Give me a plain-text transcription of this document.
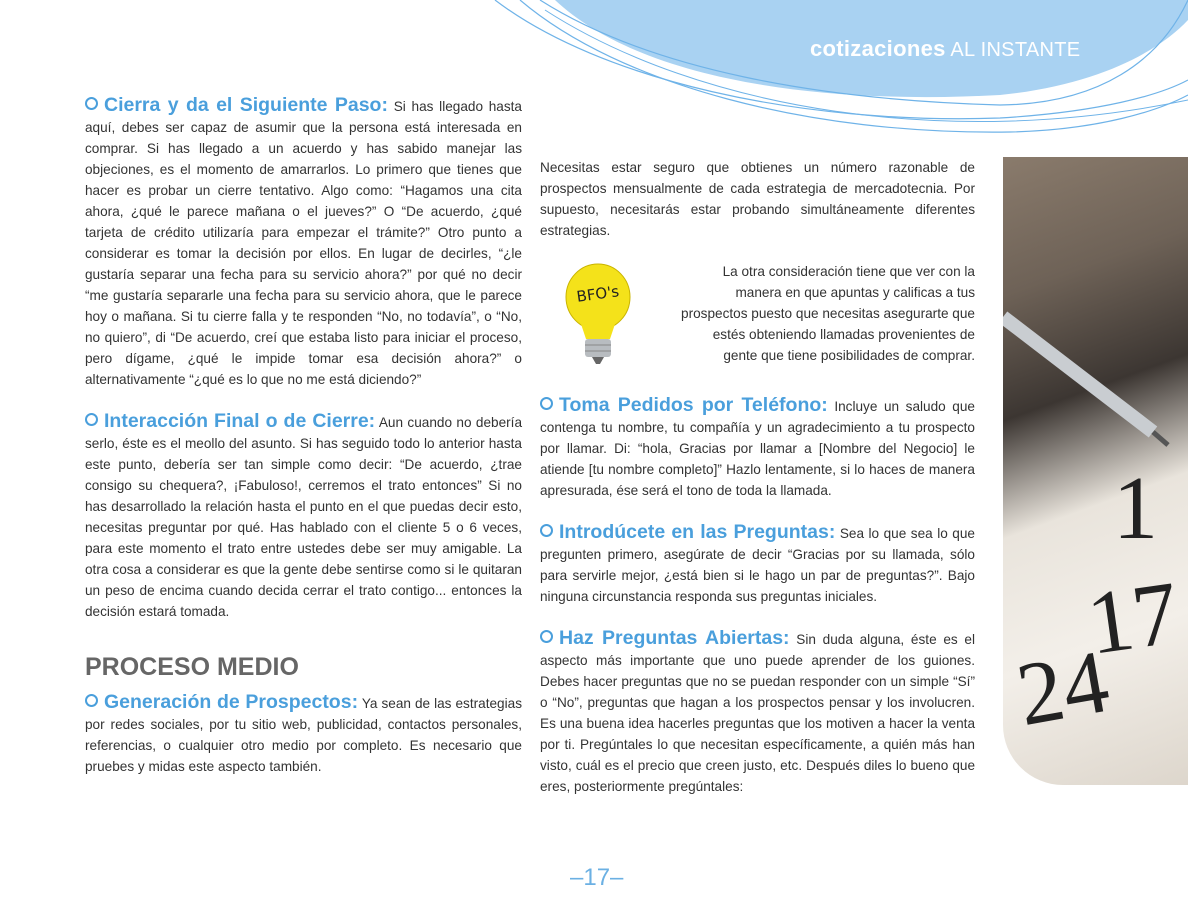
cotizaciones AL INSTANTE

Cierra y da el Siguiente Paso: Si has llegado hasta aquí, debes ser capaz de asumir que la persona está interesada en comprar. Si has llegado a un acuerdo y has sabido manejar las objeciones, es el momento de amarrarlos. Lo primero que tienes que hacer es probar un cierre tentativo. Algo como: “Hagamos una cita ahora, ¿qué le parece mañana o el jueves?” O “De acuerdo, ¿qué tarjeta de crédito utilizaría para empezar el trámite?” Otro punto a considerar es tomar la decisión por ellos. En lugar de decirles, “¿le gustaría separar una fecha para su servicio ahora?” por qué no decir “me gustaría separarle una fecha para su servicio ahora, que le parece hoy o mañana. Si tu cierre falla y te responden “No, no todavía”, o “No, no quiero”, di “De acuerdo, creí que estaba listo para iniciar el proceso, pero dígame, ¿qué le impide tomar esa decisión ahora?” o alternativamente “¿qué es lo que no me está diciendo?”

Interacción Final o de Cierre: Aun cuando no debería serlo, éste es el meollo del asunto. Si has seguido todo lo anterior hasta este punto, debería ser tan simple como decir: “De acuerdo, ¿trae consigo su chequera?, ¡Fabuloso!, cerremos el trato entonces” Si no has desarrollado la relación hasta el punto en el que puedas decir esto, necesitas preguntar por qué. Has hablado con el cliente 5 o 6 veces, para este momento el trato entre ustedes debe ser muy amigable. La otra cosa a considerar es que la gente debe sentirse como si le quitaran un peso de encima cuando decida cerrar el trato contigo... entonces la decisión estará tomada.

PROCESO MEDIO

Generación de Prospectos: Ya sean de las estrategias por redes sociales, por tu sitio web, publicidad, contactos personales, referencias, o cualquier otro medio por completo. Es necesario que pruebes y midas este aspecto también.

Necesitas estar seguro que obtienes un número razonable de prospectos mensualmente de cada estrategia de mercadotecnia. Por supuesto, necesitarás estar probando simultáneamente diferentes estrategias.

BFO's
La otra consideración tiene que ver con la manera en que apuntas y calificas a tus prospectos puesto que necesitas asegurarte que estés obteniendo llamadas provenientes de gente que tiene posibilidades de comprar.

Toma Pedidos por Teléfono: Incluye un saludo que contenga tu nombre, tu compañía y un agradecimiento a tu prospecto por llamar. Di: “hola, Gracias por llamar a [Nombre del Negocio] le atiende [tu nombre completo]” Hazlo lentamente, si lo haces de manera apresurada, ése será el tono de toda la llamada.

Introdúcete en las Preguntas: Sea lo que sea lo que pregunten primero, asegúrate de decir “Gracias por su llamada, sólo para servirle mejor, ¿está bien si le hago un par de preguntas?”. Bajo ninguna circunstancia responda sus preguntas iniciales.

Haz Preguntas Abiertas: Sin duda alguna, éste es el aspecto más importante que uno puede aprender de los guiones. Debes hacer preguntas que no se puedan responder con un simple “Sí” o “No”, preguntas que hagan a los prospectos pensar y los involucren. Es una buena idea hacerles preguntas que los motiven a hacer la venta por ti. Pregúntales lo que necesitan específicamente, a quién más han visto, cuál es el precio que creen justo, etc. Después diles lo bueno que eres, posteriormente pregúntales:

1
17
24
–17–
